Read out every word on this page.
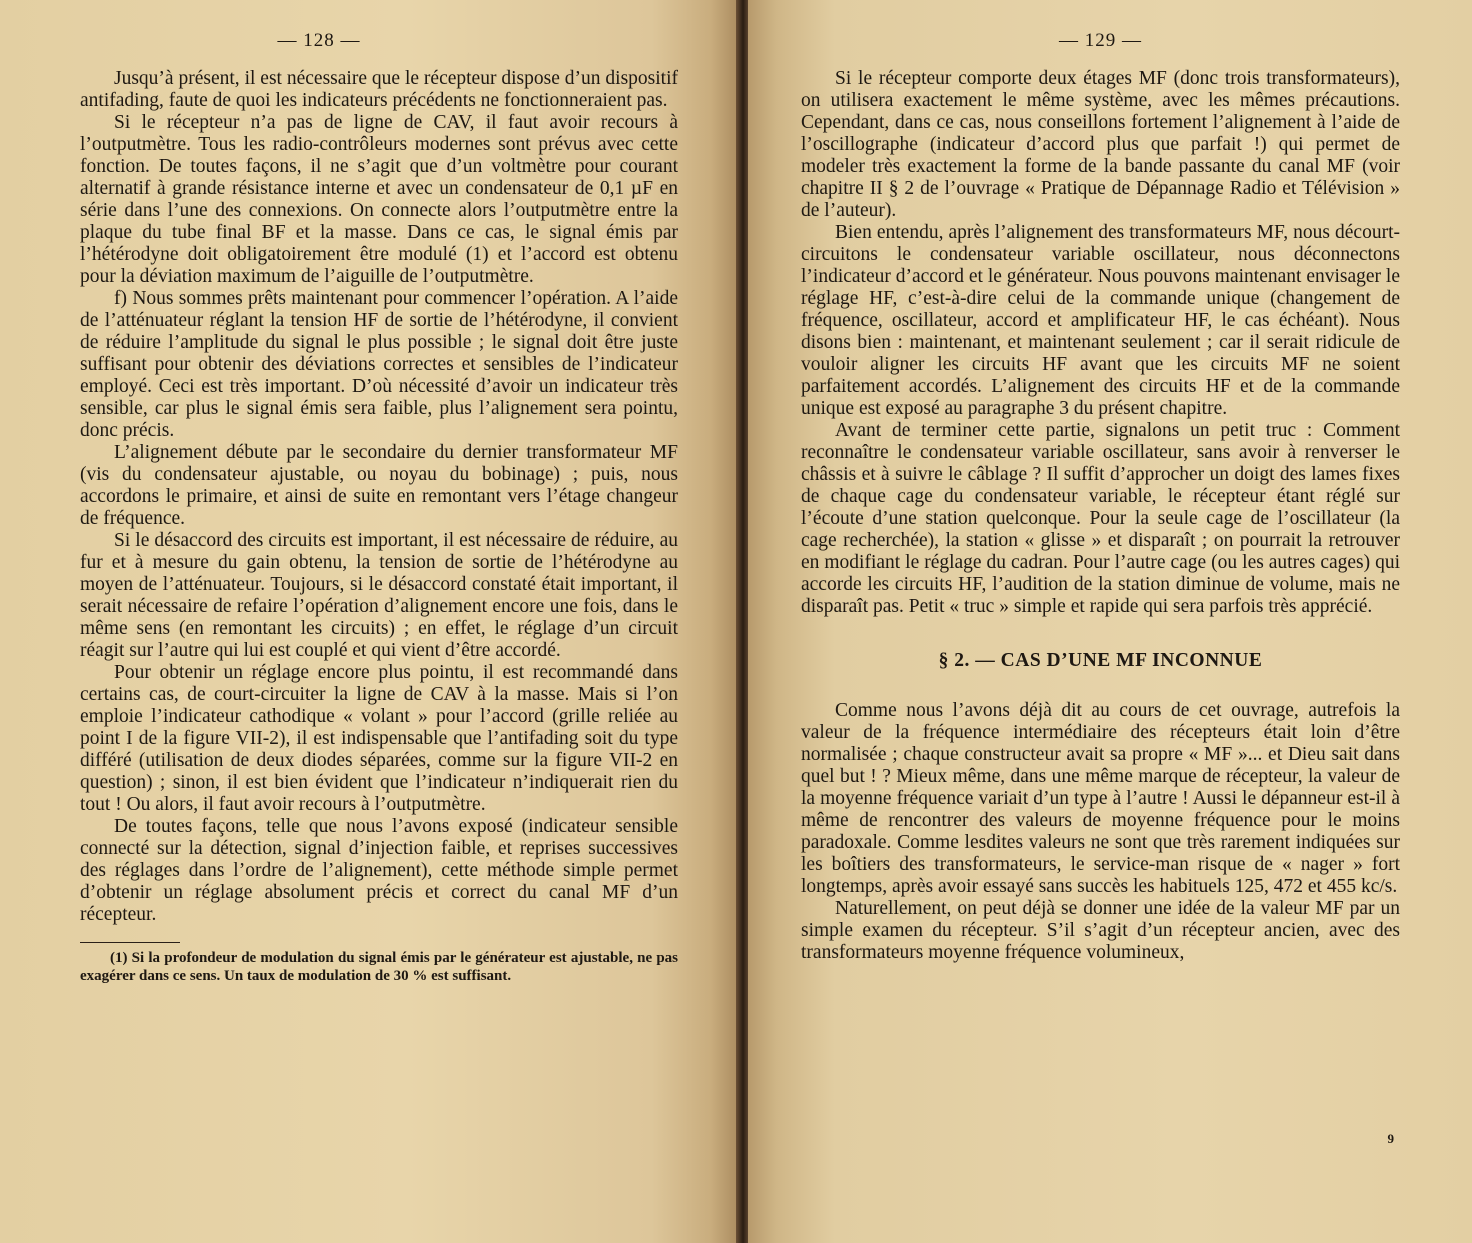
— 128 —

Jusqu’à présent, il est nécessaire que le récepteur dispose d’un dispositif antifading, faute de quoi les indicateurs précédents ne fonctionneraient pas.

Si le récepteur n’a pas de ligne de CAV, il faut avoir recours à l’outputmètre. Tous les radio-contrôleurs modernes sont prévus avec cette fonction. De toutes façons, il ne s’agit que d’un voltmètre pour courant alternatif à grande résistance interne et avec un condensateur de 0,1 µF en série dans l’une des connexions. On connecte alors l’outputmètre entre la plaque du tube final BF et la masse. Dans ce cas, le signal émis par l’hétérodyne doit obligatoirement être modulé (1) et l’accord est obtenu pour la déviation maximum de l’aiguille de l’outputmètre.

f) Nous sommes prêts maintenant pour commencer l’opération. A l’aide de l’atténuateur réglant la tension HF de sortie de l’hétérodyne, il convient de réduire l’amplitude du signal le plus possible ; le signal doit être juste suffisant pour obtenir des déviations correctes et sensibles de l’indicateur employé. Ceci est très important. D’où nécessité d’avoir un indicateur très sensible, car plus le signal émis sera faible, plus l’alignement sera pointu, donc précis.

L’alignement débute par le secondaire du dernier transformateur MF (vis du condensateur ajustable, ou noyau du bobinage) ; puis, nous accordons le primaire, et ainsi de suite en remontant vers l’étage changeur de fréquence.

Si le désaccord des circuits est important, il est nécessaire de réduire, au fur et à mesure du gain obtenu, la tension de sortie de l’hétérodyne au moyen de l’atténuateur. Toujours, si le désaccord constaté était important, il serait nécessaire de refaire l’opération d’alignement encore une fois, dans le même sens (en remontant les circuits) ; en effet, le réglage d’un circuit réagit sur l’autre qui lui est couplé et qui vient d’être accordé.

Pour obtenir un réglage encore plus pointu, il est recommandé dans certains cas, de court-circuiter la ligne de CAV à la masse. Mais si l’on emploie l’indicateur cathodique « volant » pour l’accord (grille reliée au point I de la figure VII-2), il est indispensable que l’antifading soit du type différé (utilisation de deux diodes séparées, comme sur la figure VII-2 en question) ; sinon, il est bien évident que l’indicateur n’indiquerait rien du tout ! Ou alors, il faut avoir recours à l’outputmètre.

De toutes façons, telle que nous l’avons exposé (indicateur sensible connecté sur la détection, signal d’injection faible, et reprises successives des réglages dans l’ordre de l’alignement), cette méthode simple permet d’obtenir un réglage absolument précis et correct du canal MF d’un récepteur.

(1) Si la profondeur de modulation du signal émis par le générateur est ajustable, ne pas exagérer dans ce sens. Un taux de modulation de 30 % est suffisant.

— 129 —

Si le récepteur comporte deux étages MF (donc trois transformateurs), on utilisera exactement le même système, avec les mêmes précautions. Cependant, dans ce cas, nous conseillons fortement l’alignement à l’aide de l’oscillographe (indicateur d’accord plus que parfait !) qui permet de modeler très exactement la forme de la bande passante du canal MF (voir chapitre II § 2 de l’ouvrage « Pratique de Dépannage Radio et Télévision » de l’auteur).

Bien entendu, après l’alignement des transformateurs MF, nous décourt-circuitons le condensateur variable oscillateur, nous déconnectons l’indicateur d’accord et le générateur. Nous pouvons maintenant envisager le réglage HF, c’est-à-dire celui de la commande unique (changement de fréquence, oscillateur, accord et amplificateur HF, le cas échéant). Nous disons bien : maintenant, et maintenant seulement ; car il serait ridicule de vouloir aligner les circuits HF avant que les circuits MF ne soient parfaitement accordés. L’alignement des circuits HF et de la commande unique est exposé au paragraphe 3 du présent chapitre.

Avant de terminer cette partie, signalons un petit truc : Comment reconnaître le condensateur variable oscillateur, sans avoir à renverser le châssis et à suivre le câblage ? Il suffit d’approcher un doigt des lames fixes de chaque cage du condensateur variable, le récepteur étant réglé sur l’écoute d’une station quelconque. Pour la seule cage de l’oscillateur (la cage recherchée), la station « glisse » et disparaît ; on pourrait la retrouver en modifiant le réglage du cadran. Pour l’autre cage (ou les autres cages) qui accorde les circuits HF, l’audition de la station diminue de volume, mais ne disparaît pas. Petit « truc » simple et rapide qui sera parfois très apprécié.

§ 2. — CAS D’UNE MF INCONNUE

Comme nous l’avons déjà dit au cours de cet ouvrage, autrefois la valeur de la fréquence intermédiaire des récepteurs était loin d’être normalisée ; chaque constructeur avait sa propre « MF »... et Dieu sait dans quel but ! ? Mieux même, dans une même marque de récepteur, la valeur de la moyenne fréquence variait d’un type à l’autre ! Aussi le dépanneur est-il à même de rencontrer des valeurs de moyenne fréquence pour le moins paradoxale. Comme lesdites valeurs ne sont que très rarement indiquées sur les boîtiers des transformateurs, le service-man risque de « nager » fort longtemps, après avoir essayé sans succès les habituels 125, 472 et 455 kc/s.

Naturellement, on peut déjà se donner une idée de la valeur MF par un simple examen du récepteur. S’il s’agit d’un récepteur ancien, avec des transformateurs moyenne fréquence volumineux,

9
